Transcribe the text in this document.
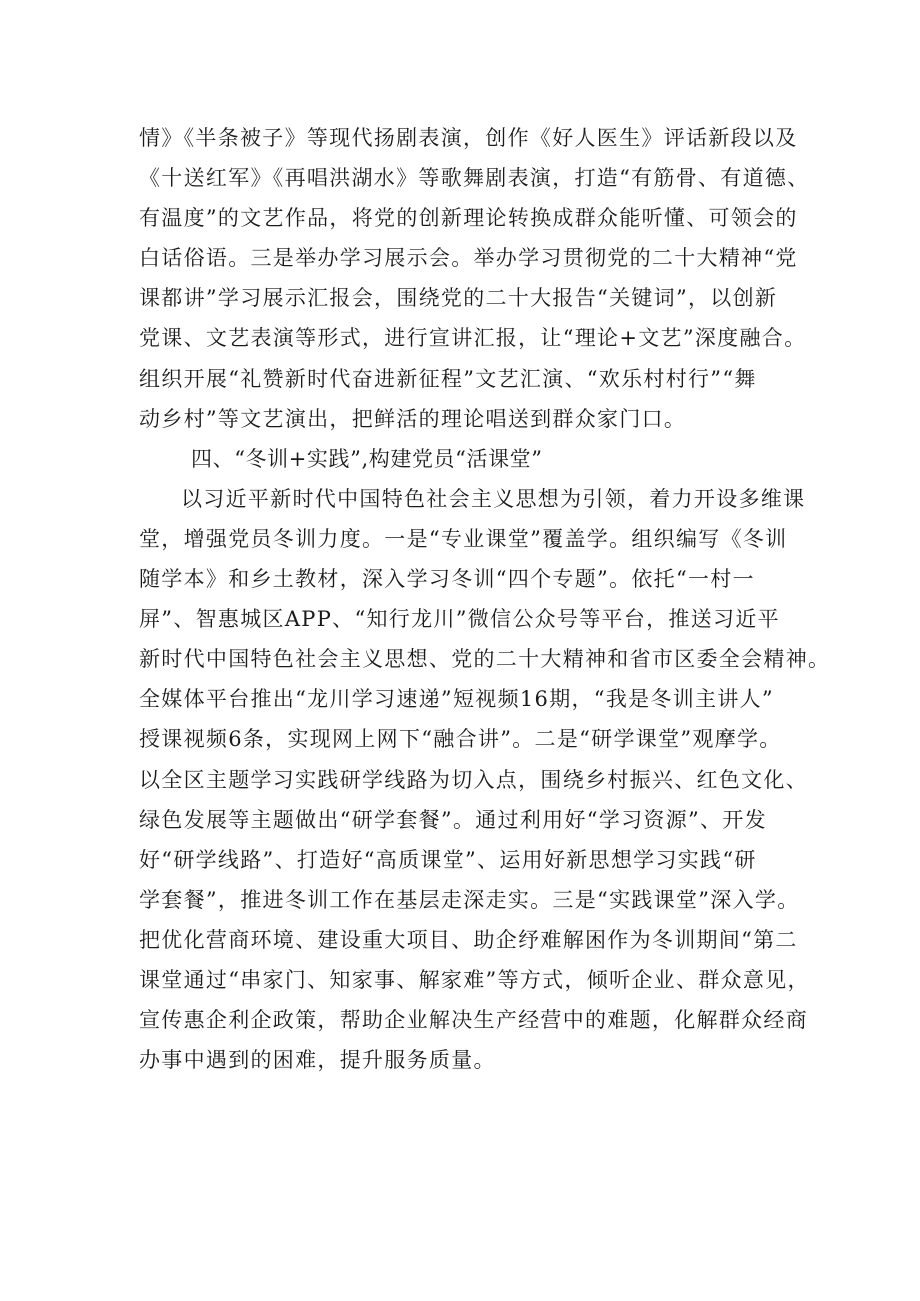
情》《半条被子》等现代扬剧表演，创作《好人医生》评话新段以及
《十送红军》《再唱洪湖水》等歌舞剧表演，打造“有筋骨、有道德、
有温度”的文艺作品，将党的创新理论转换成群众能听懂、可领会的
白话俗语。三是举办学习展示会。举办学习贯彻党的二十大精神“党
课都讲”学习展示汇报会，围绕党的二十大报告“关键词”，以创新
党课、文艺表演等形式，进行宣讲汇报，让“理论+文艺”深度融合。
组织开展“礼赞新时代奋进新征程”文艺汇演、“欢乐村村行”“舞
动乡村”等文艺演出，把鲜活的理论唱送到群众家门口。
四、“冬训+实践”,构建党员“活课堂”
以习近平新时代中国特色社会主义思想为引领，着力开设多维课
堂，增强党员冬训力度。一是“专业课堂”覆盖学。组织编写《冬训
随学本》和乡土教材，深入学习冬训“四个专题”。依托“一村一
屏”、智惠城区APP、“知行龙川”微信公众号等平台，推送习近平
新时代中国特色社会主义思想、党的二十大精神和省市区委全会精神。
全媒体平台推出“龙川学习速递”短视频16期，“我是冬训主讲人”
授课视频6条，实现网上网下“融合讲”。二是“研学课堂”观摩学。
以全区主题学习实践研学线路为切入点，围绕乡村振兴、红色文化、
绿色发展等主题做出“研学套餐”。通过利用好“学习资源”、开发
好“研学线路”、打造好“高质课堂”、运用好新思想学习实践“研
学套餐”，推进冬训工作在基层走深走实。三是“实践课堂”深入学。
把优化营商环境、建设重大项目、助企纾难解困作为冬训期间“第二
课堂通过“串家门、知家事、解家难”等方式，倾听企业、群众意见，
宣传惠企利企政策，帮助企业解决生产经营中的难题，化解群众经商
办事中遇到的困难，提升服务质量。
